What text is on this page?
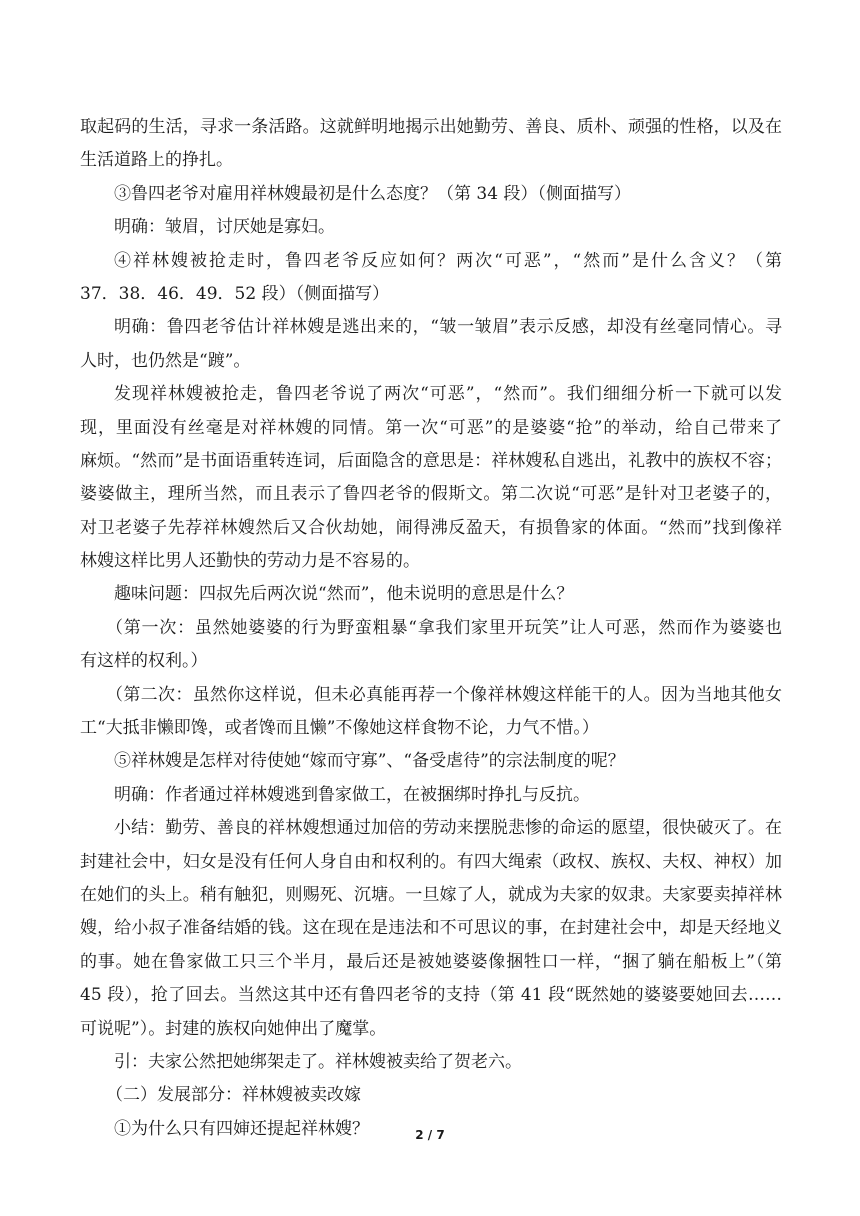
取起码的生活，寻求一条活路。这就鲜明地揭示出她勤劳、善良、质朴、顽强的性格，以及在
生活道路上的挣扎。
③鲁四老爷对雇用祥林嫂最初是什么态度？（第 34 段）（侧面描写）
明确：皱眉，讨厌她是寡妇。
④祥林嫂被抢走时，鲁四老爷反应如何？两次“可恶”，“然而”是什么含义？（第
37．38．46．49．52 段）（侧面描写）
明确：鲁四老爷估计祥林嫂是逃出来的，“皱一皱眉”表示反感，却没有丝毫同情心。寻
人时，也仍然是“踱”。
发现祥林嫂被抢走，鲁四老爷说了两次“可恶”，“然而”。我们细细分析一下就可以发
现，里面没有丝毫是对祥林嫂的同情。第一次“可恶”的是婆婆“抢”的举动，给自己带来了
麻烦。“然而”是书面语重转连词，后面隐含的意思是：祥林嫂私自逃出，礼教中的族权不容；
婆婆做主，理所当然，而且表示了鲁四老爷的假斯文。第二次说“可恶”是针对卫老婆子的，
对卫老婆子先荐祥林嫂然后又合伙劫她，闹得沸反盈天，有损鲁家的体面。“然而”找到像祥
林嫂这样比男人还勤快的劳动力是不容易的。
趣味问题：四叔先后两次说“然而”，他未说明的意思是什么？
（第一次：虽然她婆婆的行为野蛮粗暴“拿我们家里开玩笑”让人可恶，然而作为婆婆也
有这样的权利。）
（第二次：虽然你这样说，但未必真能再荐一个像祥林嫂这样能干的人。因为当地其他女
工“大抵非懒即馋，或者馋而且懒”不像她这样食物不论，力气不惜。）
⑤祥林嫂是怎样对待使她“嫁而守寡”、“备受虐待”的宗法制度的呢？
明确：作者通过祥林嫂逃到鲁家做工，在被捆绑时挣扎与反抗。
小结：勤劳、善良的祥林嫂想通过加倍的劳动来摆脱悲惨的命运的愿望，很快破灭了。在
封建社会中，妇女是没有任何人身自由和权利的。有四大绳索（政权、族权、夫权、神权）加
在她们的头上。稍有触犯，则赐死、沉塘。一旦嫁了人，就成为夫家的奴隶。夫家要卖掉祥林
嫂，给小叔子准备结婚的钱。这在现在是违法和不可思议的事，在封建社会中，却是天经地义
的事。她在鲁家做工只三个半月，最后还是被她婆婆像捆牲口一样，“捆了躺在船板上”（第
45 段），抢了回去。当然这其中还有鲁四老爷的支持（第 41 段“既然她的婆婆要她回去……
可说呢”）。封建的族权向她伸出了魔掌。
引：夫家公然把她绑架走了。祥林嫂被卖给了贺老六。
（二）发展部分：祥林嫂被卖改嫁
①为什么只有四婶还提起祥林嫂？	2 / 7
